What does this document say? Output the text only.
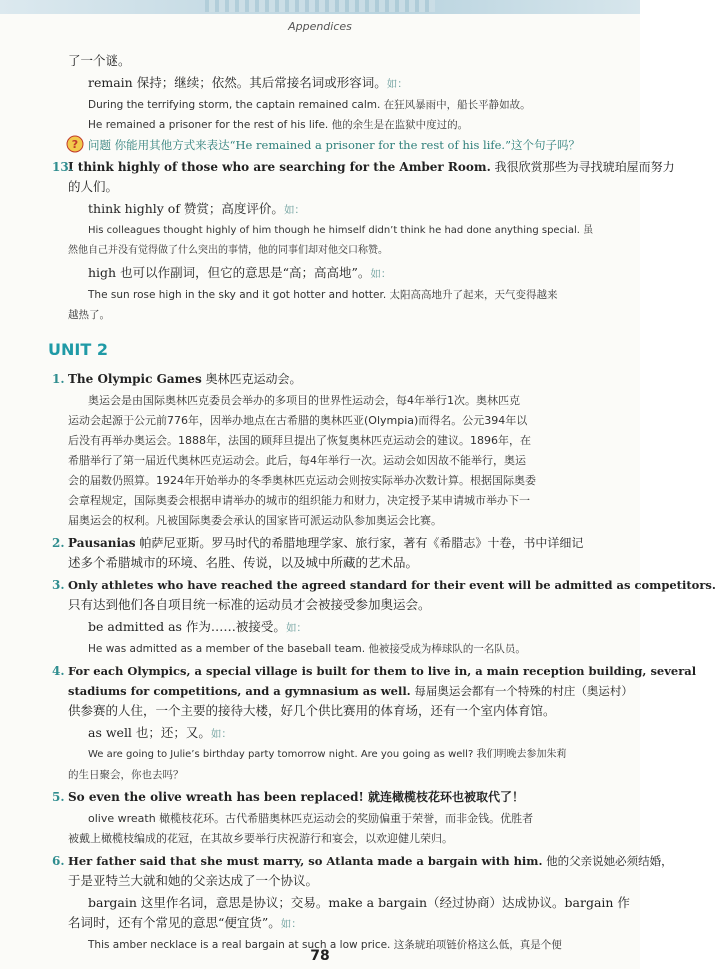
Appendices
了一个谜。
remain 保持；继续；依然。其后常接名词或形容词。如：
During the terrifying storm, the captain remained calm. 在狂风暴雨中，船长平静如故。
He remained a prisoner for the rest of his life. 他的余生是在监狱中度过的。
? 问题 你能用其他方式来表达“He remained a prisoner for the rest of his life.”这个句子吗？
13.
I think highly of those who are searching for the Amber Room. 我很欣赏那些为寻找琥珀屋而努力
的人们。
think highly of 赞赏；高度评价。如：
His colleagues thought highly of him though he himself didn’t think he had done anything special. 虽
然他自己并没有觉得做了什么突出的事情，他的同事们却对他交口称赞。
high 也可以作副词，但它的意思是“高；高高地”。如：
The sun rose high in the sky and it got hotter and hotter. 太阳高高地升了起来，天气变得越来
越热了。
UNIT 2
1. The Olympic Games 奥林匹克运动会。
奥运会是由国际奥林匹克委员会举办的多项目的世界性运动会，每4年举行1次。奥林匹克
运动会起源于公元前776年，因举办地点在古希腊的奥林匹亚(Olympia)而得名。公元394年以
后没有再举办奥运会。1888年，法国的顾拜旦提出了恢复奥林匹克运动会的建议。1896年，在
希腊举行了第一届近代奥林匹克运动会。此后，每4年举行一次。运动会如因故不能举行，奥运
会的届数仍照算。1924年开始举办的冬季奥林匹克运动会则按实际举办次数计算。根据国际奥委
会章程规定，国际奥委会根据申请举办的城市的组织能力和财力，决定授予某申请城市举办下一
届奥运会的权利。凡被国际奥委会承认的国家皆可派运动队参加奥运会比赛。
2. Pausanias 帕萨尼亚斯。罗马时代的希腊地理学家、旅行家，著有《希腊志》十卷，书中详细记
述多个希腊城市的环境、名胜、传说，以及城中所藏的艺术品。
3. Only athletes who have reached the agreed standard for their event will be admitted as competitors.
只有达到他们各自项目统一标准的运动员才会被接受参加奥运会。
be admitted as 作为……被接受。如：
He was admitted as a member of the baseball team. 他被接受成为棒球队的一名队员。
4. For each Olympics, a special village is built for them to live in, a main reception building, several
stadiums for competitions, and a gymnasium as well. 每届奥运会都有一个特殊的村庄（奥运村）
供参赛的人住，一个主要的接待大楼，好几个供比赛用的体育场，还有一个室内体育馆。
as well 也；还；又。如：
We are going to Julie’s birthday party tomorrow night. Are you going as well? 我们明晚去参加朱莉
的生日聚会，你也去吗？
5. So even the olive wreath has been replaced! 就连橄榄枝花环也被取代了！
olive wreath 橄榄枝花环。古代希腊奥林匹克运动会的奖励偏重于荣誉，而非金钱。优胜者
被戴上橄榄枝编成的花冠，在其故乡要举行庆祝游行和宴会，以欢迎健儿荣归。
6. Her father said that she must marry, so Atlanta made a bargain with him. 他的父亲说她必须结婚，
于是亚特兰大就和她的父亲达成了一个协议。
bargain 这里作名词，意思是协议；交易。make a bargain（经过协商）达成协议。bargain 作
名词时，还有个常见的意思“便宜货”。如：
This amber necklace is a real bargain at such a low price. 这条琥珀项链价格这么低，真是个便
78
